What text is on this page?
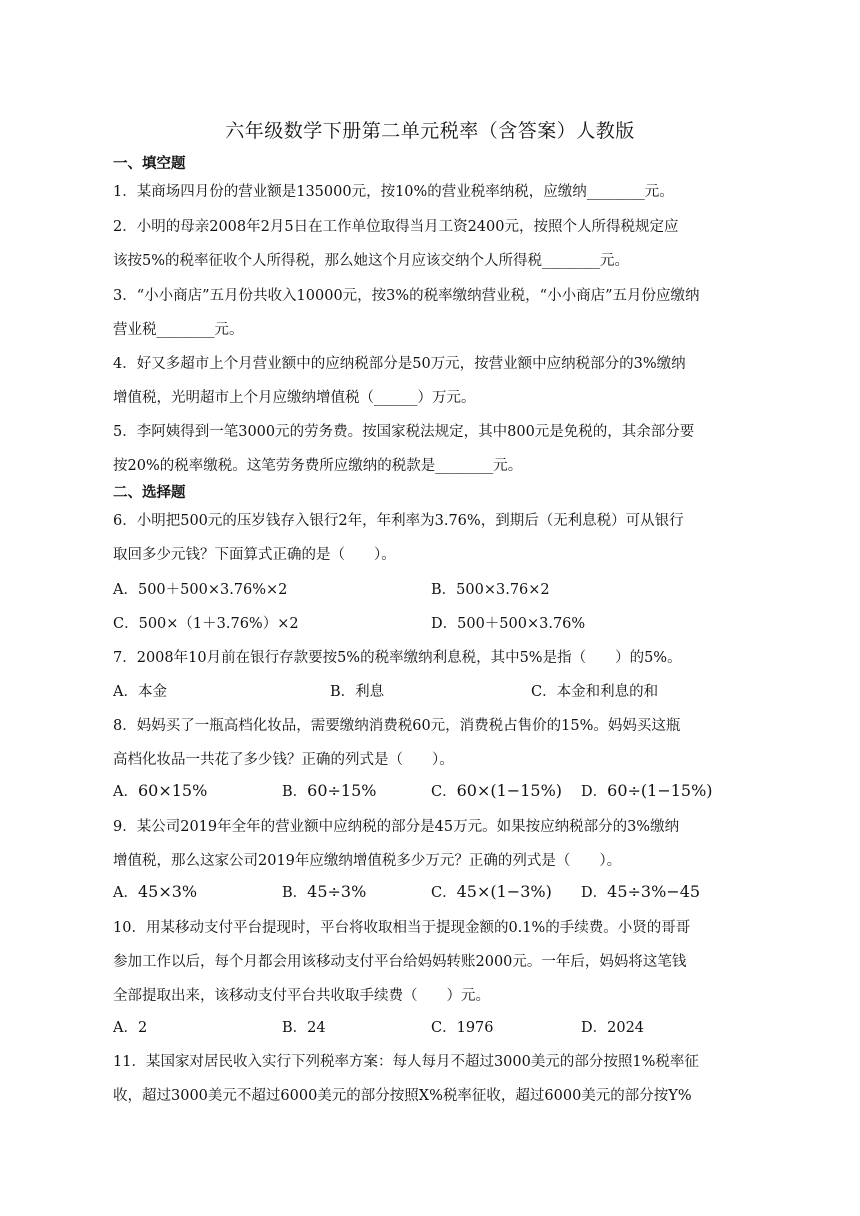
六年级数学下册第二单元税率（含答案）人教版
一、填空题
1．某商场四月份的营业额是135000元，按10%的营业税率纳税，应缴纳________元。
2．小明的母亲2008年2月5日在工作单位取得当月工资2400元，按照个人所得税规定应
该按5%的税率征收个人所得税，那么她这个月应该交纳个人所得税________元。
3．“小小商店”五月份共收入10000元，按3%的税率缴纳营业税，“小小商店”五月份应缴纳
营业税________元。
4．好又多超市上个月营业额中的应纳税部分是50万元，按营业额中应纳税部分的3%缴纳
增值税，光明超市上个月应缴纳增值税（______）万元。
5．李阿姨得到一笔3000元的劳务费。按国家税法规定，其中800元是免税的，其余部分要
按20%的税率缴税。这笔劳务费所应缴纳的税款是________元。
二、选择题
6．小明把500元的压岁钱存入银行2年，年利率为3.76%，到期后（无利息税）可从银行
取回多少元钱？下面算式正确的是（　　）。
A．500＋500×3.76%×2	B．500×3.76×2
C．500×（1＋3.76%）×2	D．500＋500×3.76%
7．2008年10月前在银行存款要按5%的税率缴纳利息税，其中5%是指（　　）的5%。
A．本金	B．利息	C．本金和利息的和
8．妈妈买了一瓶高档化妆品，需要缴纳消费税60元，消费税占售价的15%。妈妈买这瓶
高档化妆品一共花了多少钱？正确的列式是（　　）。
A．60×15%	B．60÷15%	C．60×(1−15%) D．60÷(1−15%)
9．某公司2019年全年的营业额中应纳税的部分是45万元。如果按应纳税部分的3%缴纳
增值税，那么这家公司2019年应缴纳增值税多少万元？正确的列式是（　　）。
A．45×3%	B．45÷3%	C．45×(1−3%) D．45÷3%−45
10．用某移动支付平台提现时，平台将收取相当于提现金额的0.1%的手续费。小贤的哥哥
参加工作以后，每个月都会用该移动支付平台给妈妈转账2000元。一年后，妈妈将这笔钱
全部提取出来，该移动支付平台共收取手续费（　　）元。
A．2	B．24	C．1976	D．2024
11．某国家对居民收入实行下列税率方案：每人每月不超过3000美元的部分按照1%税率征
收，超过3000美元不超过6000美元的部分按照X%税率征收，超过6000美元的部分按Y%
